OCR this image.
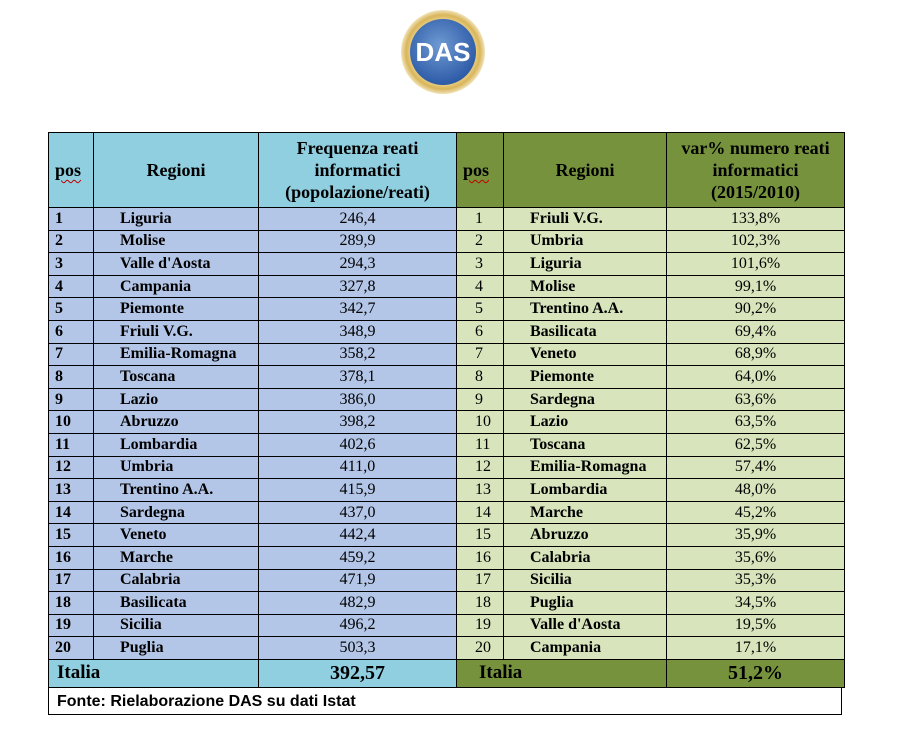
DAS
pos	Regioni	Frequenza reati informatici (popolazione/reati)	pos	Regioni	var% numero reati informatici (2015/2010)
1	Liguria	246,4	1	Friuli V.G.	133,8%
2	Molise	289,9	2	Umbria	102,3%
3	Valle d'Aosta	294,3	3	Liguria	101,6%
4	Campania	327,8	4	Molise	99,1%
5	Piemonte	342,7	5	Trentino A.A.	90,2%
6	Friuli V.G.	348,9	6	Basilicata	69,4%
7	Emilia-Romagna	358,2	7	Veneto	68,9%
8	Toscana	378,1	8	Piemonte	64,0%
9	Lazio	386,0	9	Sardegna	63,6%
10	Abruzzo	398,2	10	Lazio	63,5%
11	Lombardia	402,6	11	Toscana	62,5%
12	Umbria	411,0	12	Emilia-Romagna	57,4%
13	Trentino A.A.	415,9	13	Lombardia	48,0%
14	Sardegna	437,0	14	Marche	45,2%
15	Veneto	442,4	15	Abruzzo	35,9%
16	Marche	459,2	16	Calabria	35,6%
17	Calabria	471,9	17	Sicilia	35,3%
18	Basilicata	482,9	18	Puglia	34,5%
19	Sicilia	496,2	19	Valle d'Aosta	19,5%
20	Puglia	503,3	20	Campania	17,1%
Italia		392,57	Italia		51,2%
Fonte: Rielaborazione DAS su dati Istat
